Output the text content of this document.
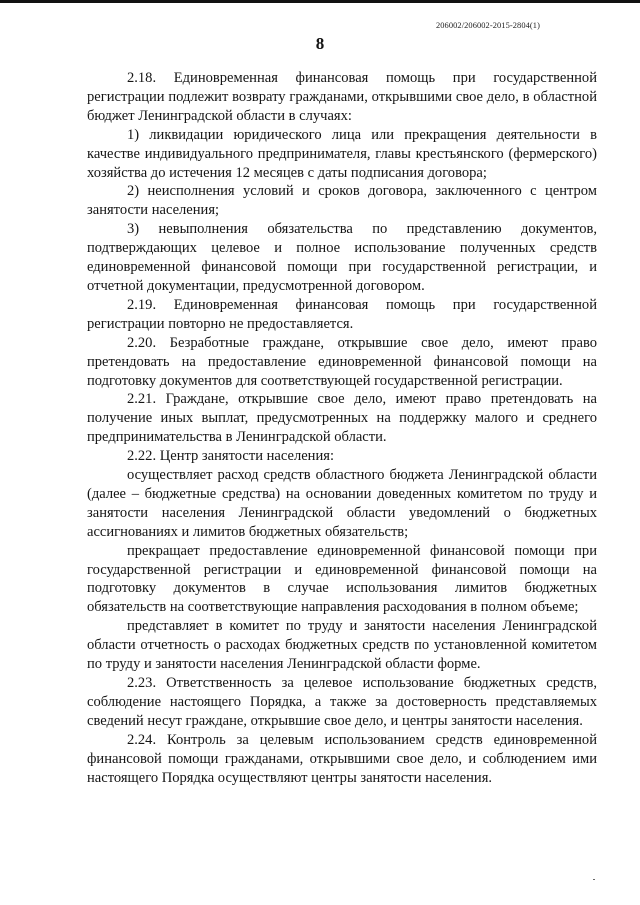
206002/206002-2015-2804(1)
8

2.18. Единовременная финансовая помощь при государственной регистрации подлежит возврату гражданами, открывшими свое дело, в областной бюджет Ленинградской области в случаях:

1) ликвидации юридического лица или прекращения деятельности в качестве индивидуального предпринимателя, главы крестьянского (фермерского) хозяйства до истечения 12 месяцев с даты подписания договора;

2) неисполнения условий и сроков договора, заключенного с центром занятости населения;

3) невыполнения обязательства по представлению документов, подтверждающих целевое и полное использование полученных средств единовременной финансовой помощи при государственной регистрации, и отчетной документации, предусмотренной договором.

2.19. Единовременная финансовая помощь при государственной регистрации повторно не предоставляется.

2.20. Безработные граждане, открывшие свое дело, имеют право претендовать на предоставление единовременной финансовой помощи на подготовку документов для соответствующей государственной регистрации.

2.21. Граждане, открывшие свое дело, имеют право претендовать на получение иных выплат, предусмотренных на поддержку малого и среднего предпринимательства в Ленинградской области.

2.22. Центр занятости населения:

осуществляет расход средств областного бюджета Ленинградской области (далее – бюджетные средства) на основании доведенных комитетом по труду и занятости населения Ленинградской области уведомлений о бюджетных ассигнованиях и лимитов бюджетных обязательств;

прекращает предоставление единовременной финансовой помощи при государственной регистрации и единовременной финансовой помощи на подготовку документов в случае использования лимитов бюджетных обязательств на соответствующие направления расходования в полном объеме;

представляет в комитет по труду и занятости населения Ленинградской области отчетность о расходах бюджетных средств по установленной комитетом по труду и занятости населения Ленинградской области форме.

2.23. Ответственность за целевое использование бюджетных средств, соблюдение настоящего Порядка, а также за достоверность представляемых сведений несут граждане, открывшие свое дело, и центры занятости населения.

2.24. Контроль за целевым использованием средств единовременной финансовой помощи гражданами, открывшими свое дело, и соблюдением ими настоящего Порядка осуществляют центры занятости населения.
